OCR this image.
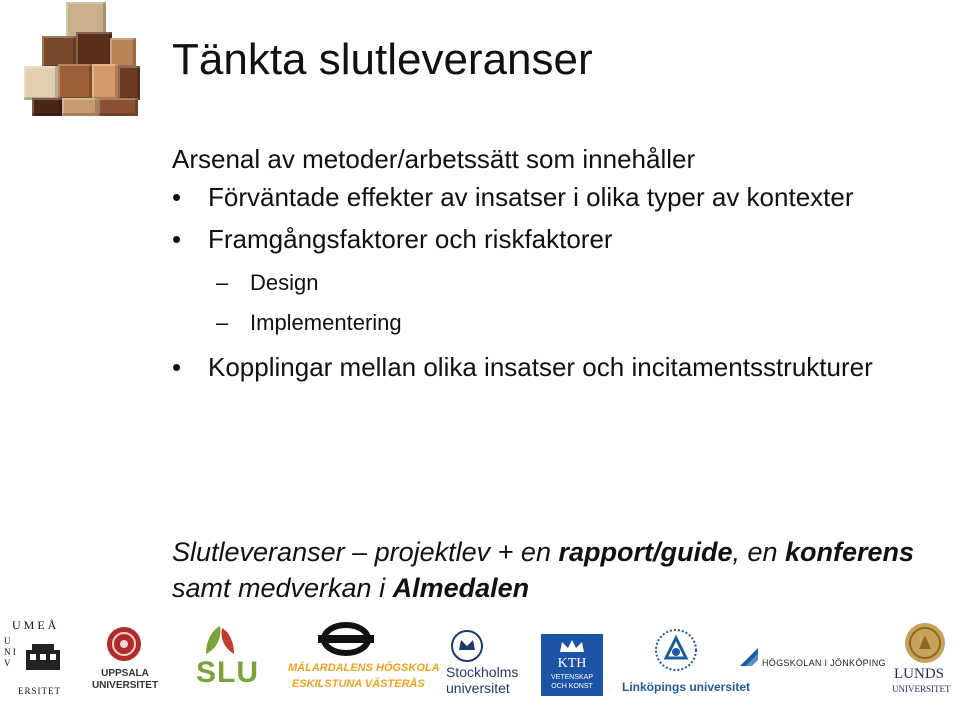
Tänkta slutleveranser
Arsenal av metoder/arbetssätt som innehåller
• Förväntade effekter av insatser i olika typer av kontexter
• Framgångsfaktorer och riskfaktorer
– Design
– Implementering
• Kopplingar mellan olika insatser och incitamentsstrukturer
Slutleveranser – projektlev + en rapport/guide, en konferens samt medverkan i Almedalen
UMEÅ
U N I V
ERSITET
UPPSALA
UNIVERSITET SLU	MÄLARDALENS HÖGSKOLA
ESKILSTUNA VÄSTERÅS
Stockholms
universitet
KTH
VETENSKAP
OCH KONST	Linköpings universitet
HÖGSKOLAN I JÖNKÖPING
LUNDS
UNIVERSITET
